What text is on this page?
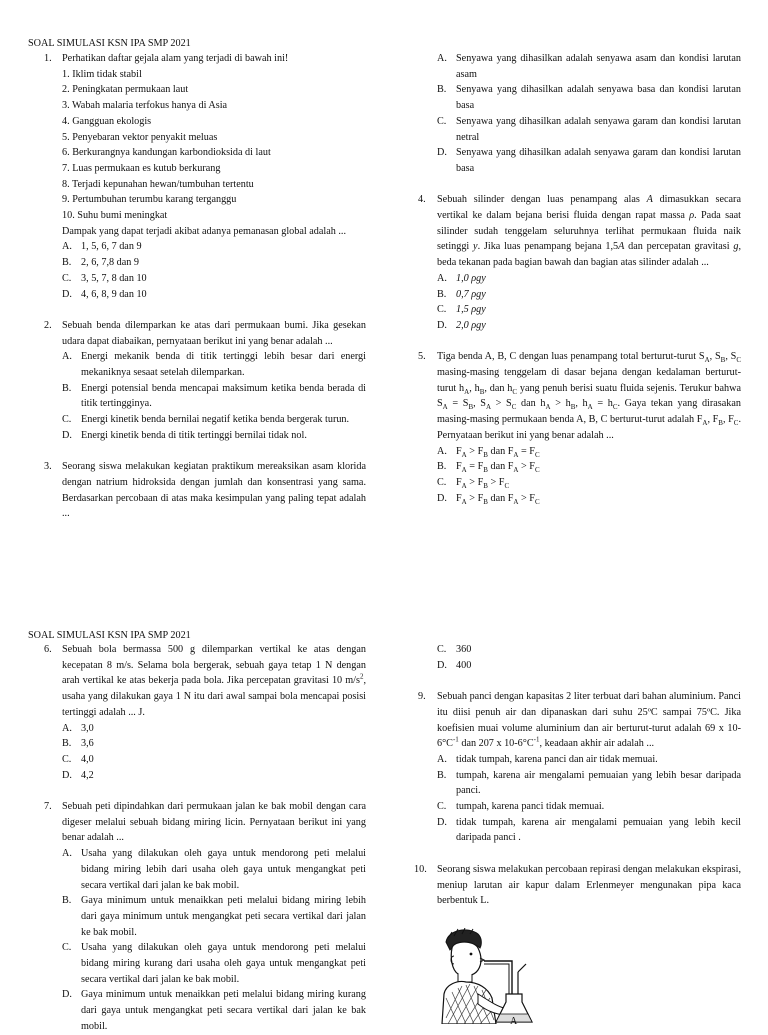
SOAL SIMULASI KSN IPA SMP 2021
1. Perhatikan daftar gejala alam yang terjadi di bawah ini!

1. Iklim tidak stabil
2. Peningkatan permukaan laut
3. Wabah malaria terfokus hanya di Asia
4. Gangguan ekologis
5. Penyebaran vektor penyakit meluas
6. Berkurangnya kandungan karbondioksida di laut
7. Luas permukaan es kutub berkurang
8. Terjadi kepunahan hewan/tumbuhan tertentu
9. Pertumbuhan terumbu karang terganggu
10. Suhu bumi meningkat
Dampak yang dapat terjadi akibat adanya pemanasan global adalah ...
A. 1, 5, 6, 7 dan 9
B. 2, 6, 7,8 dan 9
C. 3, 5, 7, 8 dan 10
D. 4, 6, 8, 9 dan 10
2. Sebuah benda dilemparkan ke atas dari permukaan bumi. Jika gesekan udara dapat diabaikan, pernyataan berikut ini yang benar adalah ...

A. Energi mekanik benda di titik tertinggi lebih besar dari energi mekaniknya sesaat setelah dilemparkan.
B. Energi potensial benda mencapai maksimum ketika benda berada di titik tertingginya.
C. Energi kinetik benda bernilai negatif ketika benda bergerak turun.
D. Energi kinetik benda di titik tertinggi bernilai tidak nol.
3. Seorang siswa melakukan kegiatan praktikum mereaksikan asam klorida dengan natrium hidroksida dengan jumlah dan konsentrasi yang sama. Berdasarkan percobaan di atas maka kesimpulan yang paling tepat adalah ...

A. Senyawa yang dihasilkan adalah senyawa asam dan kondisi larutan asam
B. Senyawa yang dihasilkan adalah senyawa basa dan kondisi larutan basa
C. Senyawa yang dihasilkan adalah senyawa garam dan kondisi larutan netral
D. Senyawa yang dihasilkan adalah senyawa garam dan kondisi larutan basa
4. Sebuah silinder dengan luas penampang alas A dimasukkan secara vertikal ke dalam bejana berisi fluida dengan rapat massa ρ. Pada saat silinder sudah tenggelam seluruhnya terlihat permukaan fluida naik setinggi y. Jika luas penampang bejana 1,5A dan percepatan gravitasi g, beda tekanan pada bagian bawah dan bagian atas silinder adalah ...

A. 1,0 ρgy
B. 0,7 ρgy
C. 1,5 ρgy
D. 2,0 ρgy
5. Tiga benda A, B, C dengan luas penampang total berturut-turut $S_A$, $S_B$, $S_C$ masing-masing tenggelam di dasar bejana dengan kedalaman berturut-turut $h_A$, $h_B$, dan $h_C$ yang penuh berisi suatu fluida sejenis. Terukur bahwa $S_A = S_B$, $S_A > S_C$ dan $h_A > h_B$, $h_A = h_C$. Gaya tekan yang dirasakan masing-masing permukaan benda A, B, C berturut-turut adalah $F_A$, $F_B$, $F_C$. Pernyataan berikut ini yang benar adalah ...

A. $F_A > F_B$ dan $F_A = F_C$
B. $F_A = F_B$ dan $F_A > F_C$
C. $F_A > F_B > F_C$
D. $F_A > F_B$ dan $F_A > F_C$
SOAL SIMULASI KSN IPA SMP 2021
6. Sebuah bola bermassa 500 g dilemparkan vertikal ke atas dengan kecepatan 8 m/s. Selama bola bergerak, sebuah gaya tetap 1 N dengan arah vertikal ke atas bekerja pada bola. Jika percepatan gravitasi 10 $m/s^2$, usaha yang dilakukan gaya 1 N itu dari awal sampai bola mencapai posisi tertinggi adalah ... J.

A. 3,0
B. 3,6
C. 4,0
D. 4,2
7. Sebuah peti dipindahkan dari permukaan jalan ke bak mobil dengan cara digeser melalui sebuah bidang miring licin. Pernyataan berikut ini yang benar adalah ...

A. Usaha yang dilakukan oleh gaya untuk mendorong peti melalui bidang miring lebih dari usaha oleh gaya untuk mengangkat peti secara vertikal dari jalan ke bak mobil.
B. Gaya minimum untuk menaikkan peti melalui bidang miring lebih dari gaya minimum untuk mengangkat peti secara vertikal dari jalan ke bak mobil.
C. Usaha yang dilakukan oleh gaya untuk mendorong peti melalui bidang miring kurang dari usaha oleh gaya untuk mengangkat peti secara vertikal dari jalan ke bak mobil.
D. Gaya minimum untuk menaikkan peti melalui bidang miring kurang dari gaya untuk mengangkat peti secara vertikal dari jalan ke bak mobil.
C. 360
D. 400
9. Sebuah panci dengan kapasitas 2 liter terbuat dari bahan aluminium. Panci itu diisi penuh air dan dipanaskan dari suhu 25ºC sampai 75ºC. Jika koefisien muai volume aluminium dan air berturut-turut adalah 69 x $10-6^\circ C^{-1}$ dan 207 x $10-6^\circ C^{-1}$, keadaan akhir air adalah ...

A. tidak tumpah, karena panci dan air tidak memuai.
B. tumpah, karena air mengalami pemuaian yang lebih besar daripada panci.
C. tumpah, karena panci tidak memuai.
D. tidak tumpah, karena air mengalami pemuaian yang lebih kecil daripada panci .
10. Seorang siswa melakukan percobaan repirasi dengan melakukan ekspirasi, meniup larutan air kapur dalam Erlenmeyer mengunakan pipa kaca berbentuk L.

A
